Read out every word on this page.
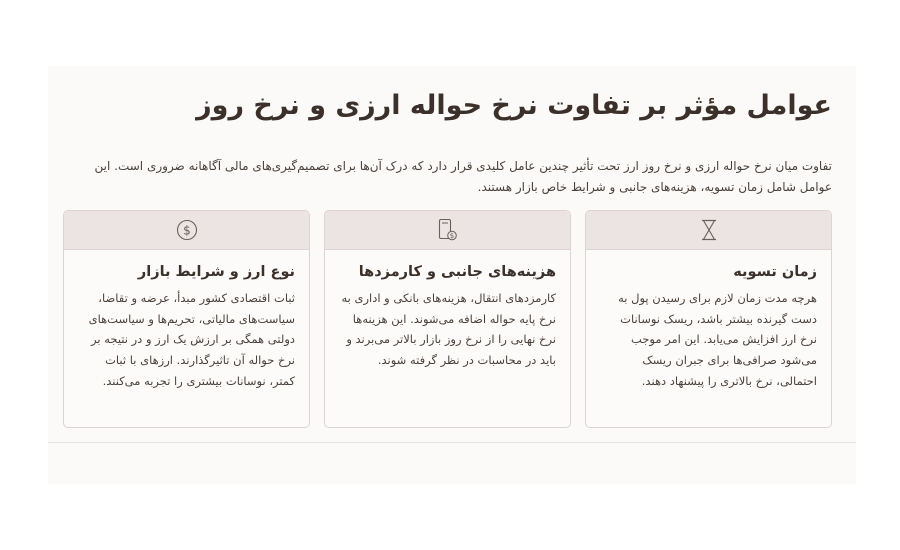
عوامل مؤثر بر تفاوت نرخ حواله ارزی و نرخ روز

تفاوت میان نرخ حواله ارزی و نرخ روز ارز تحت تأثیر چندین عامل کلیدی قرار دارد که درک آن‌ها برای تصمیم‌گیری‌های مالی آگاهانه ضروری است. این عوامل شامل زمان تسویه، هزینه‌های جانبی و شرایط خاص بازار هستند.

زمان تسویه
هرچه مدت زمان لازم برای رسیدن پول به دست گیرنده بیشتر باشد، ریسک نوسانات نرخ ارز افزایش می‌یابد. این امر موجب می‌شود صرافی‌ها برای جبران ریسک احتمالی، نرخ بالاتری را پیشنهاد دهند.
$
هزینه‌های جانبی و کارمزدها
کارمزدهای انتقال، هزینه‌های بانکی و اداری به نرخ پایه حواله اضافه می‌شوند. این هزینه‌ها نرخ نهایی را از نرخ روز بازار بالاتر می‌برند و باید در محاسبات در نظر گرفته شوند.
$
نوع ارز و شرایط بازار
ثبات اقتصادی کشور مبدأ، عرضه و تقاضا، سیاست‌های مالیاتی، تحریم‌ها و سیاست‌های دولتی همگی بر ارزش یک ارز و در نتیجه بر نرخ حواله آن تاثیرگذارند. ارزهای با ثبات کمتر، نوسانات بیشتری را تجربه می‌کنند.
